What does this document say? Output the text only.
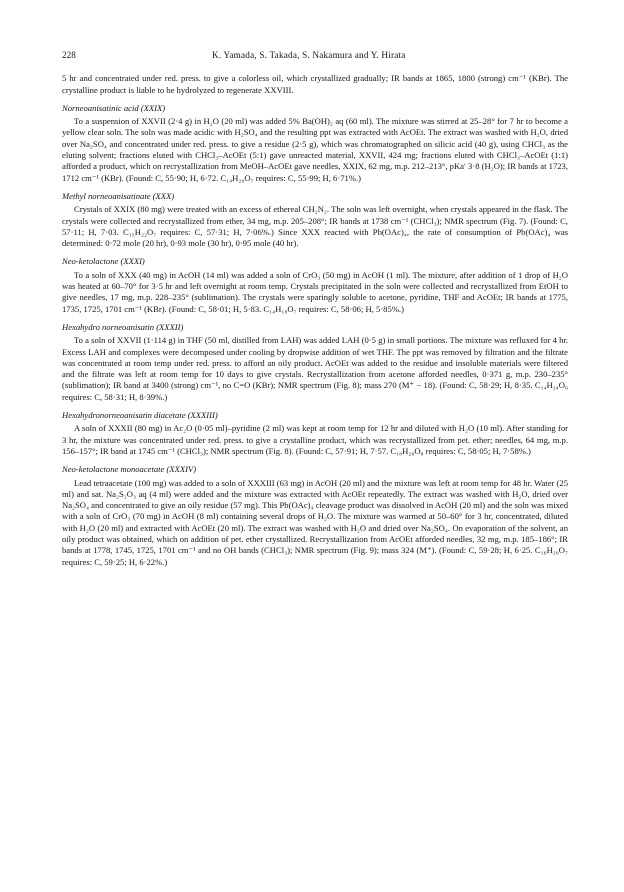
228	K. Yamada, S. Takada, S. Nakamura and Y. Hirata

5 hr and concentrated under red. press. to give a colorless oil, which crystallized gradually; IR bands at 1865, 1800 (strong) cm⁻¹ (KBr). The crystalline product is liable to be hydrolyzed to regenerate XXVIII.

Norneoanisatinic acid (XXIX)

To a suspension of XXVII (2·4 g) in H₂O (20 ml) was added 5% Ba(OH)₂ aq (60 ml). The mixture was stirred at 25–28° for 7 hr to become a yellow clear soln. The soln was made acidic with H₂SO₄ and the resulting ppt was extracted with AcOEt. The extract was washed with H₂O, dried over Na₂SO₄ and concentrated under red. press. to give a residue (2·5 g), which was chromatographed on silicic acid (40 g), using CHCl₃ as the eluting solvent; fractions eluted with CHCl₃–AcOEt (5:1) gave unreacted material, XXVII, 424 mg; fractions eluted with CHCl₃–AcOEt (1:1) afforded a product, which on recrystallization from MeOH–AcOEt gave needles, XXIX, 62 mg, m.p. 212–213°, pKa′ 3·8 (H₂O); IR bands at 1723, 1712 cm⁻¹ (KBr). (Found: C, 55·90; H, 6·72. C₁₄H₂₀O₇ requires: C, 55·99; H, 6·71%.)

Methyl norneoanisatinate (XXX)

Crystals of XXIX (80 mg) were treated with an excess of ethereal CH₂N₂. The soln was left overnight, when crystals appeared in the flask. The crystals were collected and recrystallized from ether, 34 mg, m.p. 205–208°; IR bands at 1738 cm⁻¹ (CHCl₃); NMR spectrum (Fig. 7). (Found: C, 57·11; H, 7·03. C₁₅H₂₂O₇ requires: C, 57·31; H, 7·06%.) Since XXX reacted with Pb(OAc)₄, the rate of consumption of Pb(OAc)₄ was determined: 0·72 mole (20 hr), 0·93 mole (30 hr), 0·95 mole (40 hr).

Neo-ketolactone (XXXI)

To a soln of XXX (40 mg) in AcOH (14 ml) was added a soln of CrO₃ (50 mg) in AcOH (1 ml). The mixture, after addition of 1 drop of H₂O was heated at 60–70° for 3·5 hr and left overnight at room temp. Crystals precipitated in the soln were collected and recrystallized from EtOH to give needles, 17 mg, m.p. 228–235° (sublimation). The crystals were sparingly soluble to acetone, pyridine, THF and AcOEt; IR bands at 1775, 1735, 1725, 1701 cm⁻¹ (KBr). (Found: C, 58·01; H, 5·83. C₁₄H₁₈O₇ requires: C, 58·06; H, 5·85%.)

Hexahydro norneoanisatin (XXXII)

To a soln of XXVII (1·114 g) in THF (50 ml, distilled from LAH) was added LAH (0·5 g) in small portions. The mixture was refluxed for 4 hr. Excess LAH and complexes were decomposed under cooling by dropwise addition of wet THF. The ppt was removed by filtration and the filtrate was concentrated at room temp under red. press. to afford an oily product. AcOEt was added to the residue and insoluble materials were filtered and the filtrate was left at room temp for 10 days to give crystals. Recrystallization from acetone afforded needles, 0·371 g, m.p. 230–235° (sublimation); IR band at 3400 (strong) cm⁻¹, no C=O (KBr); NMR spectrum (Fig. 8); mass 270 (M⁺ − 18). (Found: C, 58·29; H, 8·35. C₁₄H₂₄O₆ requires: C, 58·31; H, 8·39%.)

Hexahydronorneoanisatin diacetate (XXXIII)

A soln of XXXII (80 mg) in Ac₂O (0·05 ml)–pyridine (2 ml) was kept at room temp for 12 hr and diluted with H₂O (10 ml). After standing for 3 hr, the mixture was concentrated under red. press. to give a crystalline product, which was recrystallized from pet. ether; needles, 64 mg, m.p. 156–157°; IR band at 1745 cm⁻¹ (CHCl₃); NMR spectrum (Fig. 8). (Found: C, 57·91; H, 7·57. C₁₈H₂₈O₈ requires: C, 58·05; H, 7·58%.)

Neo-ketolactone monoacetate (XXXIV)

Lead tetraacetate (100 mg) was added to a soln of XXXIII (63 mg) in AcOH (20 ml) and the mixture was left at room temp for 48 hr. Water (25 ml) and sat. Na₂S₂O₃ aq (4 ml) were added and the mixture was extracted with AcOEt repeatedly. The extract was washed with H₂O, dried over Na₂SO₄ and concentrated to give an oily residue (57 mg). This Pb(OAc)₄ cleavage product was dissolved in AcOH (20 ml) and the soln was mixed with a soln of CrO₃ (70 mg) in AcOH (8 ml) containing several drops of H₂O. The mixture was warmed at 50–60° for 3 hr, concentrated, diluted with H₂O (20 ml) and extracted with AcOEt (20 ml). The extract was washed with H₂O and dried over Na₂SO₄. On evaporation of the solvent, an oily product was obtained, which on addition of pet. ether crystallized. Recrystallization from AcOEt afforded needles, 32 mg, m.p. 185–186°; IR bands at 1778, 1745, 1725, 1701 cm⁻¹ and no OH bands (CHCl₃); NMR spectrum (Fig. 9); mass 324 (M⁺). (Found: C, 59·28; H, 6·25. C₁₆H₂₀O₇ requires: C, 59·25; H, 6·22%.)
